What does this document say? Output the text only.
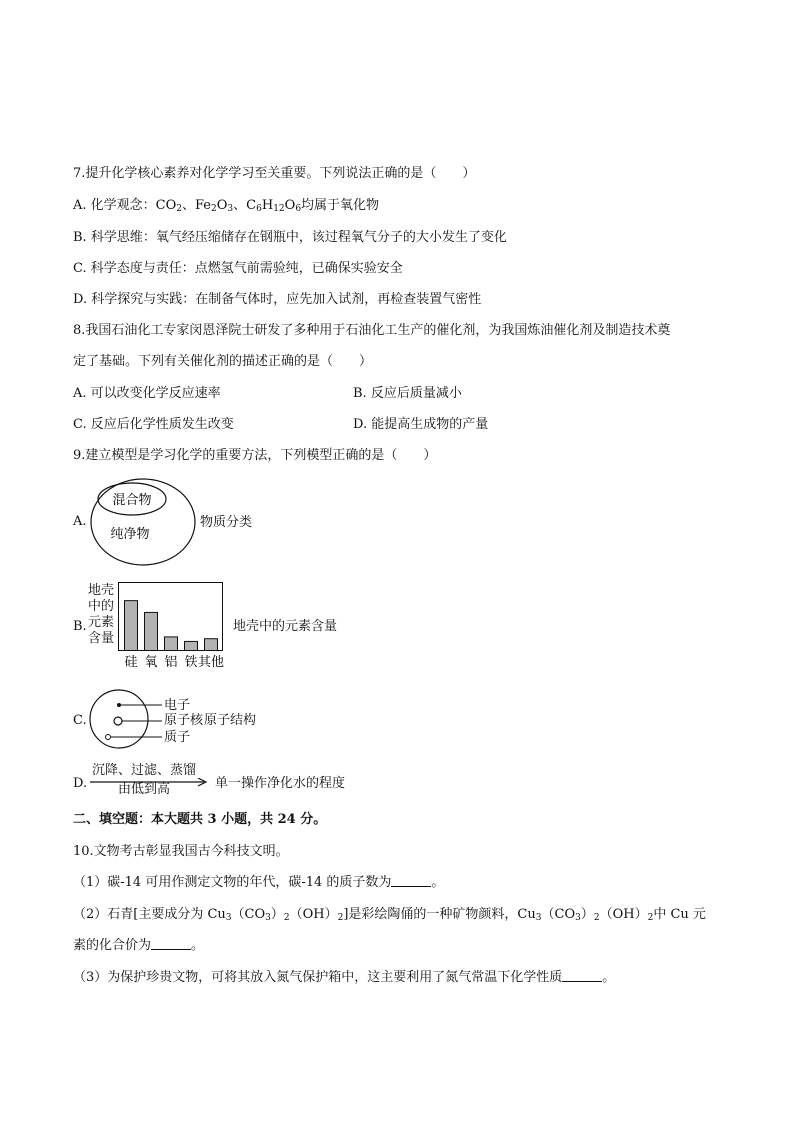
7.提升化学核心素养对化学学习至关重要。下列说法正确的是（　　）
A. 化学观念：$CO_2$、$Fe_2O_3$、$C_6H_{12}O_6$均属于氧化物
B. 科学思维：氧气经压缩储存在钢瓶中，该过程氧气分子的大小发生了变化
C. 科学态度与责任：点燃氢气前需验纯，已确保实验安全
D. 科学探究与实践：在制备气体时，应先加入试剂，再检查装置气密性
8.我国石油化工专家闵恩泽院士研发了多种用于石油化工生产的催化剂，为我国炼油催化剂及制造技术奠
定了基础。下列有关催化剂的描述正确的是（　　）
A. 可以改变化学反应速率	B. 反应后质量减小
C. 反应后化学性质发生改变	D. 能提高生成物的产量
9.建立模型是学习化学的重要方法，下列模型正确的是（　　）
A.
混合物
纯净物
物质分类
B.
地壳
中的
元素
含量
硅 氧 铝 铁 其他
地壳中的元素含量
C.
电子
原子核 原子结构
质子
D.
沉降、过滤、蒸馏
由低到高	单一操作净化水的程度
二、填空题：本大题共 3 小题，共 24 分。
10.文物考古彰显我国古今科技文明。
（1）碳-14 可用作测定文物的年代，碳-14 的质子数为	。
（2）石青[主要成分为 $Cu_3(CO_3)_2(OH)_2$]是彩绘陶俑的一种矿物颜料，$Cu_3(CO_3)_2(OH)_2$中 Cu 元
素的化合价为	。
（3）为保护珍贵文物，可将其放入氮气保护箱中，这主要利用了氮气常温下化学性质	。
